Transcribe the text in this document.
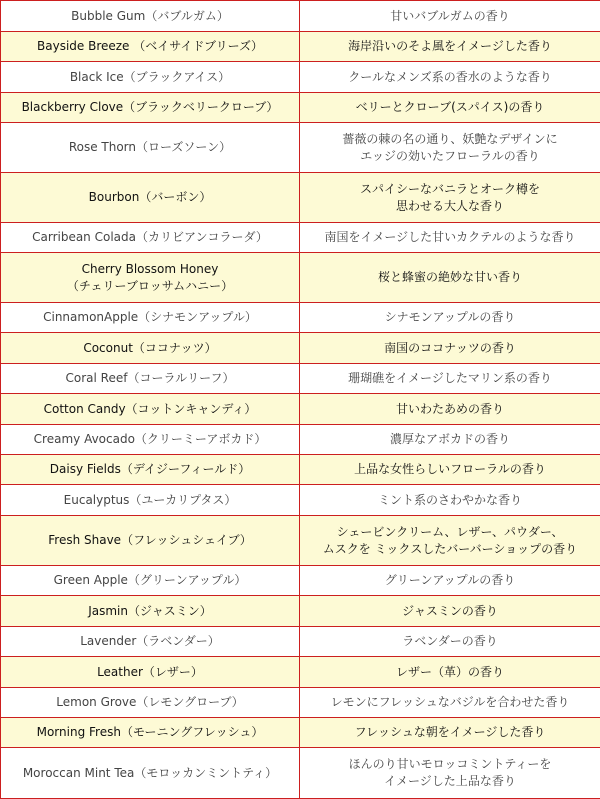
Bubble Gum（バブルガム）	甘いバブルガムの香り

Bayside Breeze （ベイサイドブリーズ）	海岸沿いのそよ風をイメージした香り

Black Ice（ブラックアイス）	クールなメンズ系の香水のような香り

Blackberry Clove（ブラックベリークローブ）	ベリーとクローブ(スパイス)の香り

Rose Thorn（ローズソーン）	薔薇の棘の名の通り、妖艶なデザインに
エッジの効いたフローラルの香り

Bourbon（バーボン）	スパイシーなバニラとオーク樽を
思わせる大人な香り

Carribean Colada（カリビアンコラーダ）	南国をイメージした甘いカクテルのような香り

Cherry Blossom Honey
（チェリーブロッサムハニー）	桜と蜂蜜の絶妙な甘い香り

CinnamonApple（シナモンアップル）	シナモンアップルの香り

Coconut（ココナッツ）	南国のココナッツの香り

Coral Reef（コーラルリーフ）	珊瑚礁をイメージしたマリン系の香り

Cotton Candy（コットンキャンディ）	甘いわたあめの香り

Creamy Avocado（クリーミーアボカド）	濃厚なアボカドの香り

Daisy Fields（デイジーフィールド）	上品な女性らしいフローラルの香り

Eucalyptus（ユーカリプタス）	ミント系のさわやかな香り

Fresh Shave（フレッシュシェイブ）	シェービンクリーム、レザー、パウダー、
ムスクを ミックスしたバーバーショップの香り

Green Apple（グリーンアップル）	グリーンアップルの香り

Jasmin（ジャスミン）	ジャスミンの香り

Lavender（ラベンダー）	ラベンダーの香り

Leather（レザー）	レザー（革）の香り

Lemon Grove（レモングローブ）	レモンにフレッシュなバジルを合わせた香り

Morning Fresh（モーニングフレッシュ）	フレッシュな朝をイメージした香り

Moroccan Mint Tea（モロッカンミントティ）	ほんのり甘いモロッコミントティーを
イメージした上品な香り
